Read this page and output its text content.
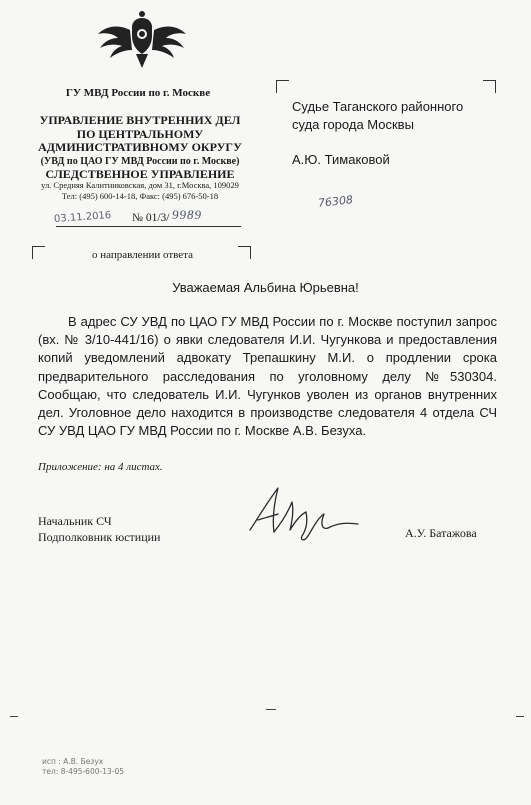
ГУ МВД России по г. Москве
УПРАВЛЕНИЕ ВНУТРЕННИХ ДЕЛ
ПО ЦЕНТРАЛЬНОМУ
АДМИНИСТРАТИВНОМУ ОКРУГУ
(УВД по ЦАО ГУ МВД России по г. Москве)
СЛЕДСТВЕННОЕ УПРАВЛЕНИЕ
ул. Средняя Калитниковская, дом 31, г.Москва, 109029
Тел: (495) 600-14-18, Факс: (495) 676-50-18
03.11.2016 № 01/3/ 9989
о направлении ответа
Судье Таганского районного
суда города Москвы
А.Ю. Тимаковой
76308
Уважаемая Альбина Юрьевна!
В адрес СУ УВД по ЦАО ГУ МВД России по г. Москве поступил запрос (вх. № 3/10-441/16) о явки следователя И.И. Чугункова и предоставления копий уведомлений адвокату Трепашкину М.И. о продлении срока предварительного расследования по уголовному делу №530304. Сообщаю, что следователь И.И. Чугунков уволен из органов внутренних дел. Уголовное дело находится в производстве следователя 4 отдела СЧ СУ УВД ЦАО ГУ МВД России по г. Москве А.В. Безуха.
Приложение: на 4 листах.
Начальник СЧ
Подполковник юстиции	А.У. Батажова
исп : А.В. Безух
тел: 8-495-600-13-05
